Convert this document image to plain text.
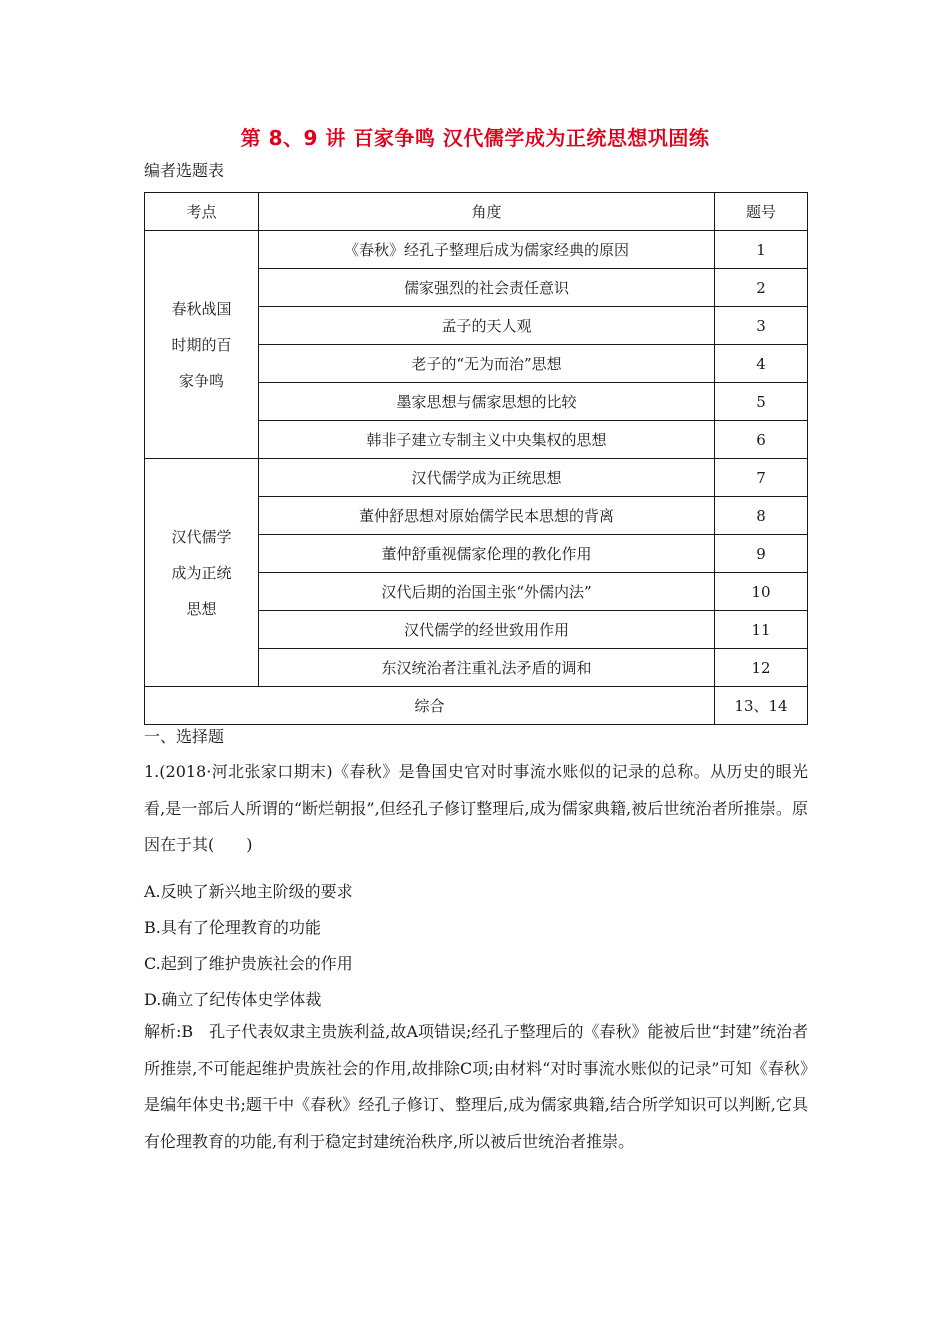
第 8、9 讲 百家争鸣 汉代儒学成为正统思想巩固练
编者选题表
考点	角度	题号

春秋战国
时期的百
家争鸣	《春秋》经孔子整理后成为儒家经典的原因	1
	儒家强烈的社会责任意识	2
	孟子的天人观	3
	老子的“无为而治”思想	4
	墨家思想与儒家思想的比较	5
	韩非子建立专制主义中央集权的思想	6

汉代儒学
成为正统
思想	汉代儒学成为正统思想	7
	董仲舒思想对原始儒学民本思想的背离	8
	董仲舒重视儒家伦理的教化作用	9
	汉代后期的治国主张“外儒内法”	10
	汉代儒学的经世致用作用	11
	东汉统治者注重礼法矛盾的调和	12
综合		13、14
一、选择题
1.(2018·河北张家口期末)《春秋》是鲁国史官对时事流水账似的记录的总称。从历史的眼光看,是一部后人所谓的“断烂朝报”,但经孔子修订整理后,成为儒家典籍,被后世统治者所推崇。原因在于其(　　)
A.反映了新兴地主阶级的要求
B.具有了伦理教育的功能
C.起到了维护贵族社会的作用
D.确立了纪传体史学体裁
解析:B　孔子代表奴隶主贵族利益,故A项错误;经孔子整理后的《春秋》能被后世“封建”统治者所推崇,不可能起维护贵族社会的作用,故排除C项;由材料“对时事流水账似的记录”可知《春秋》是编年体史书;题干中《春秋》经孔子修订、整理后,成为儒家典籍,结合所学知识可以判断,它具有伦理教育的功能,有利于稳定封建统治秩序,所以被后世统治者推崇。
